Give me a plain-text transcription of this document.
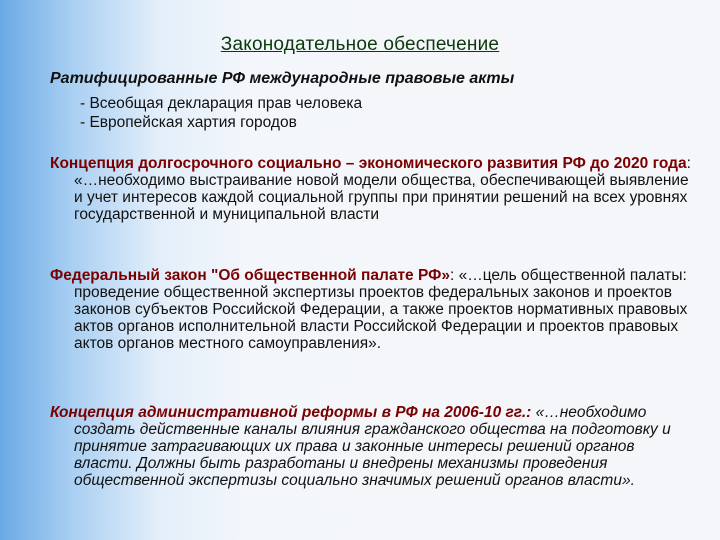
Законодательное обеспечение
Ратифицированные РФ международные правовые акты
- Всеобщая декларация прав человека
- Европейская хартия городов
Концепция долгосрочного социально – экономического развития РФ до 2020 года: «…необходимо выстраивание новой модели общества, обеспечивающей выявление и учет интересов каждой социальной группы при принятии решений на всех уровнях государственной и муниципальной власти
Федеральный закон "Об общественной палате РФ»: «…цель общественной палаты: проведение общественной экспертизы проектов федеральных законов и проектов законов субъектов Российской Федерации, а также проектов нормативных правовых актов органов исполнительной власти Российской Федерации и проектов правовых актов органов местного самоуправления».
Концепция административной реформы в РФ на 2006-10 гг.: «…необходимо создать действенные каналы влияния гражданского общества на подготовку и принятие затрагивающих их права и законные интересы решений органов власти. Должны быть разработаны и внедрены механизмы проведения общественной экспертизы социально значимых решений органов власти».
